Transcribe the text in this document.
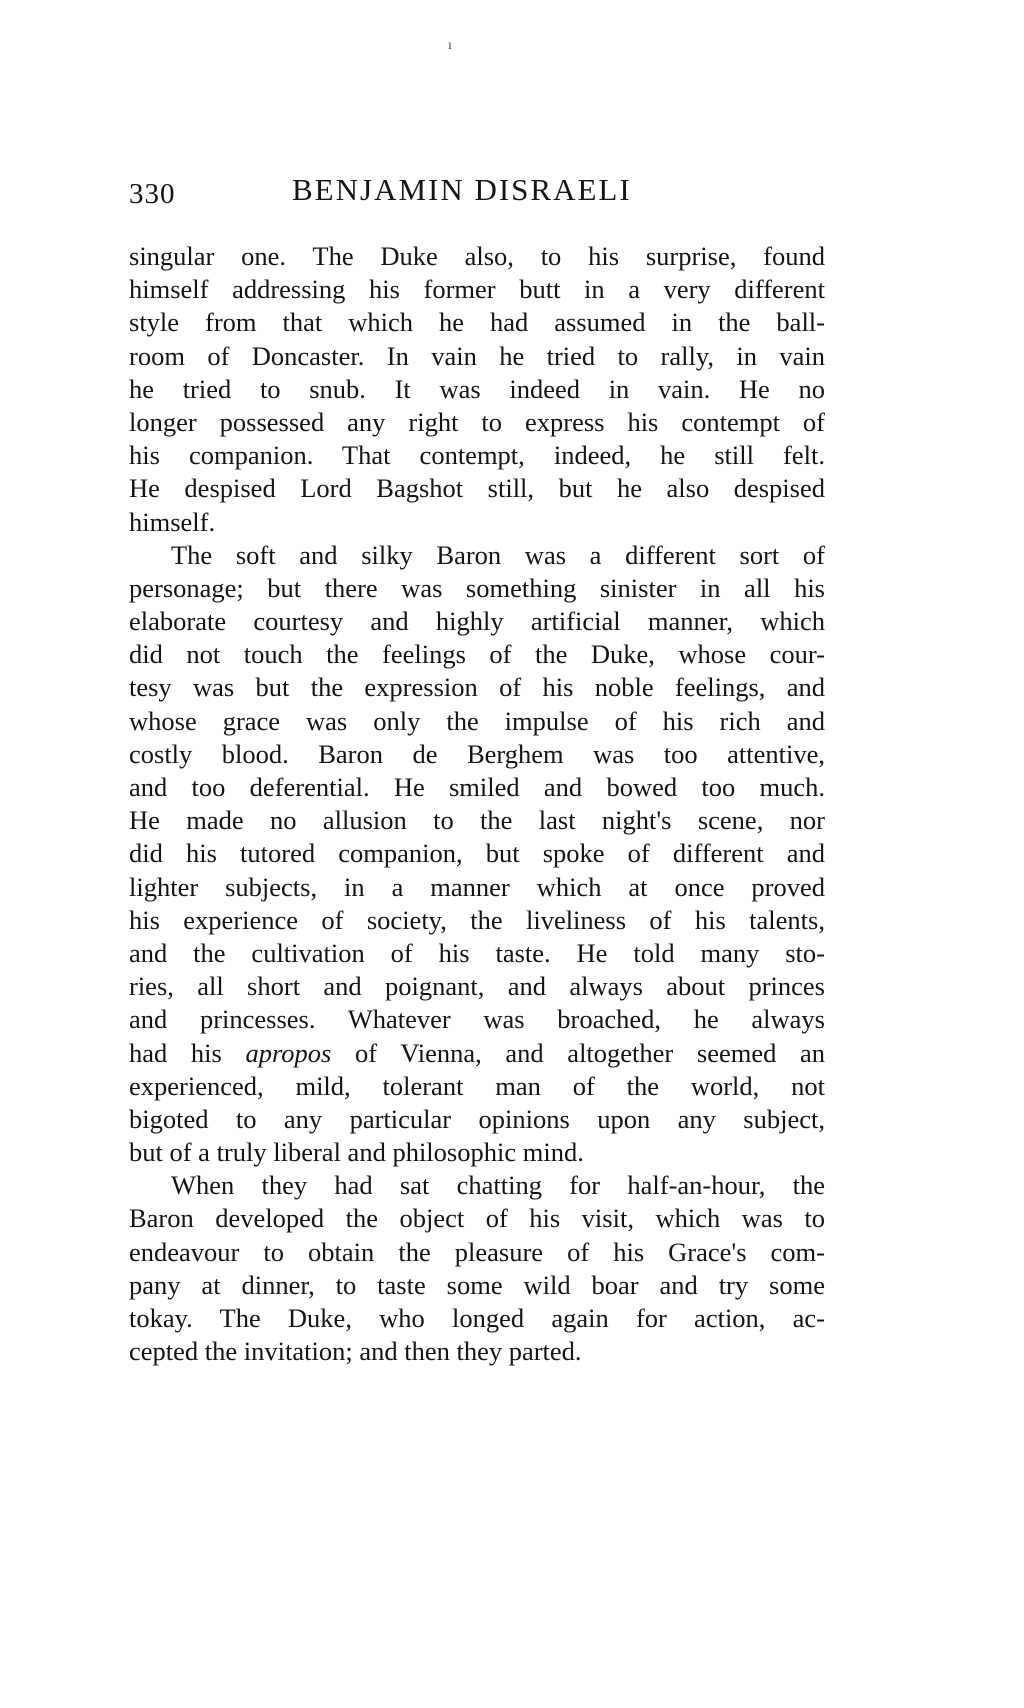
ı
330	BENJAMIN DISRAELI
singular one. The Duke also, to his surprise, found
himself addressing his former butt in a very different
style from that which he had assumed in the ball-
room of Doncaster. In vain he tried to rally, in vain
he tried to snub. It was indeed in vain. He no
longer possessed any right to express his contempt of
his companion. That contempt, indeed, he still felt.
He despised Lord Bagshot still, but he also despised
himself.
The soft and silky Baron was a different sort of
personage; but there was something sinister in all his
elaborate courtesy and highly artificial manner, which
did not touch the feelings of the Duke, whose cour-
tesy was but the expression of his noble feelings, and
whose grace was only the impulse of his rich and
costly blood. Baron de Berghem was too attentive,
and too deferential. He smiled and bowed too much.
He made no allusion to the last night's scene, nor
did his tutored companion, but spoke of different and
lighter subjects, in a manner which at once proved
his experience of society, the liveliness of his talents,
and the cultivation of his taste. He told many sto-
ries, all short and poignant, and always about princes
and princesses. Whatever was broached, he always
had his apropos of Vienna, and altogether seemed an
experienced, mild, tolerant man of the world, not
bigoted to any particular opinions upon any subject,
but of a truly liberal and philosophic mind.
When they had sat chatting for half-an-hour, the
Baron developed the object of his visit, which was to
endeavour to obtain the pleasure of his Grace's com-
pany at dinner, to taste some wild boar and try some
tokay. The Duke, who longed again for action, ac-
cepted the invitation; and then they parted.
